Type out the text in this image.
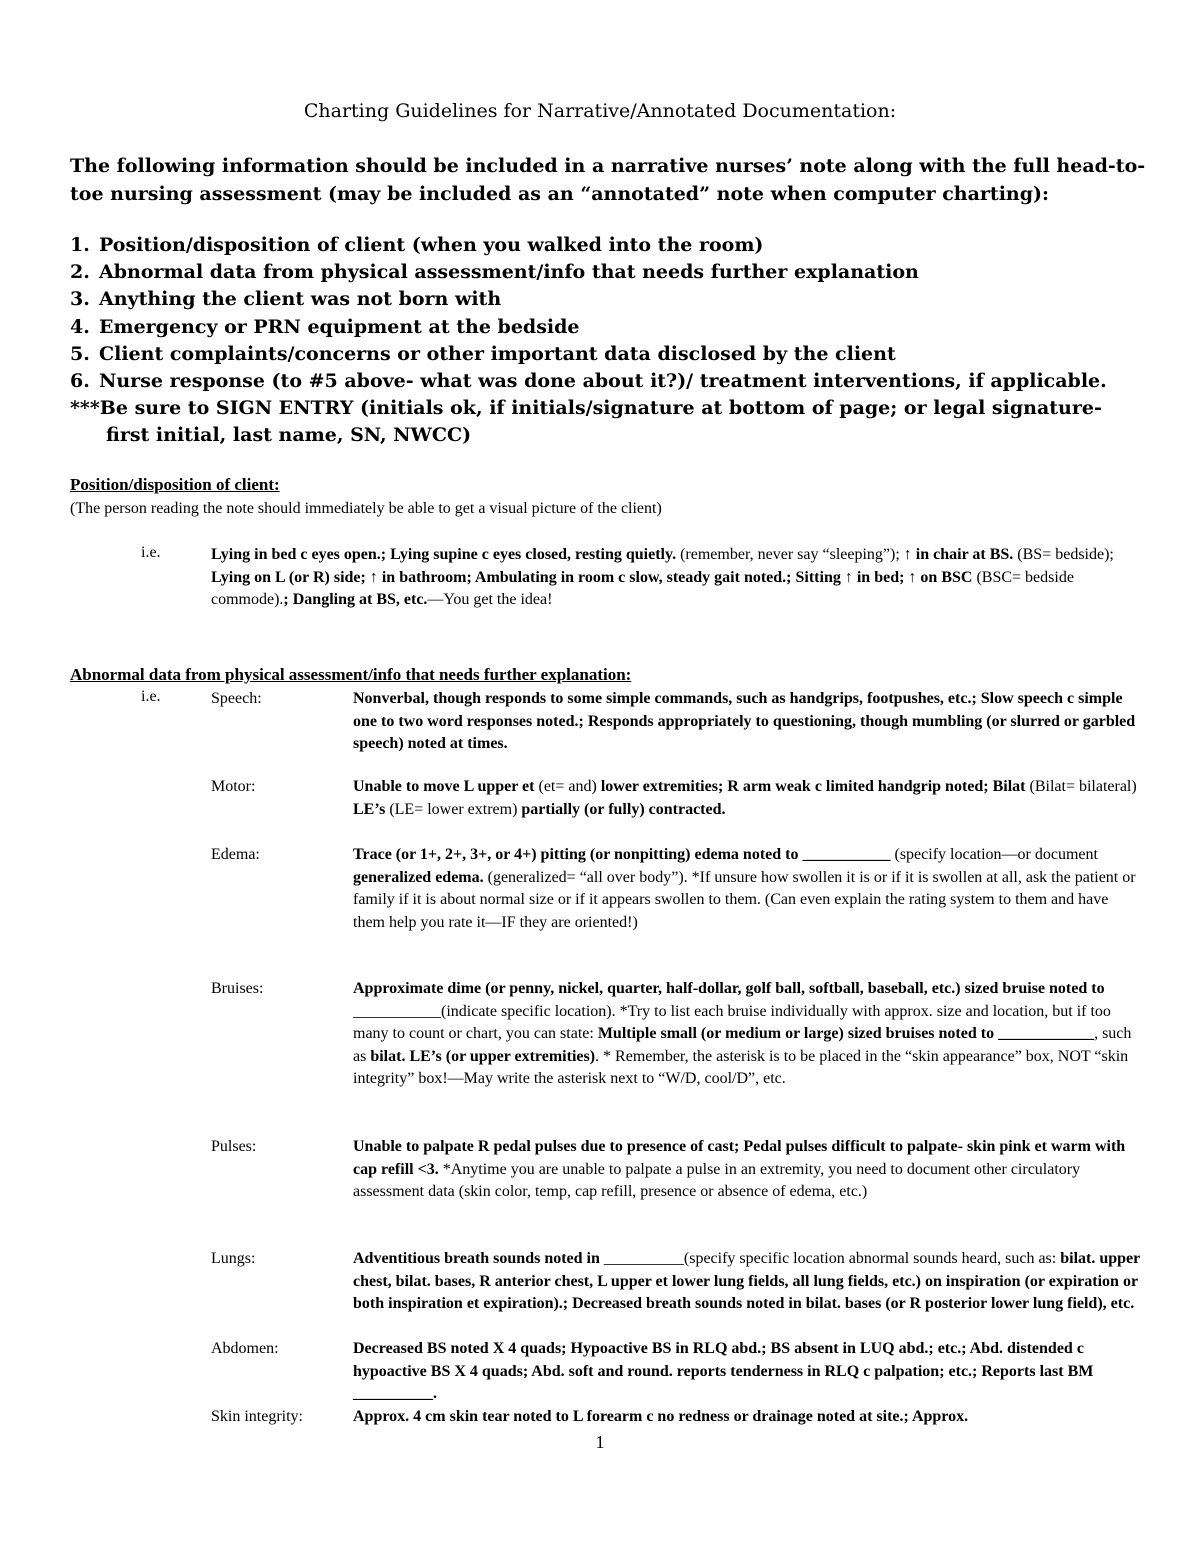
Charting Guidelines for Narrative/Annotated Documentation:
The following information should be included in a narrative nurses’ note along with the full head-to-toe nursing assessment (may be included as an “annotated” note when computer charting):
1. Position/disposition of client (when you walked into the room)
2. Abnormal data from physical assessment/info that needs further explanation
3. Anything the client was not born with
4. Emergency or PRN equipment at the bedside
5. Client complaints/concerns or other important data disclosed by the client
6. Nurse response (to #5 above- what was done about it?)/ treatment interventions, if applicable.
***Be sure to SIGN ENTRY (initials ok, if initials/signature at bottom of page; or legal signature- first initial, last name, SN, NWCC)
Position/disposition of client:
(The person reading the note should immediately be able to get a visual picture of the client)
i.e.	Lying in bed c eyes open.; Lying supine c eyes closed, resting quietly. (remember, never say “sleeping”); ↑ in chair at BS. (BS= bedside); Lying on L (or R) side; ↑ in bathroom; Ambulating in room c slow, steady gait noted.; Sitting ↑ in bed; ↑ on BSC (BSC= bedside commode).; Dangling at BS, etc.—You get the idea!
Abnormal data from physical assessment/info that needs further explanation:
i.e.	Speech:	Nonverbal, though responds to some simple commands, such as handgrips, footpushes, etc.; Slow speech c simple one to two word responses noted.; Responds appropriately to questioning, though mumbling (or slurred or garbled speech) noted at times.
Motor:	Unable to move L upper et (et= and) lower extremities; R arm weak c limited handgrip noted; Bilat (Bilat= bilateral) LE’s (LE= lower extrem) partially (or fully) contracted.
Edema:	Trace (or 1+, 2+, 3+, or 4+) pitting (or nonpitting) edema noted to ___________ (specify location—or document generalized edema. (generalized= “all over body”). *If unsure how swollen it is or if it is swollen at all, ask the patient or family if it is about normal size or if it appears swollen to them. (Can even explain the rating system to them and have them help you rate it—IF they are oriented!)
Bruises:	Approximate dime (or penny, nickel, quarter, half-dollar, golf ball, softball, baseball, etc.) sized bruise noted to ___________(indicate specific location). *Try to list each bruise individually with approx. size and location, but if too many to count or chart, you can state: Multiple small (or medium or large) sized bruises noted to ____________, such as bilat. LE’s (or upper extremities). * Remember, the asterisk is to be placed in the “skin appearance” box, NOT “skin integrity” box!—May write the asterisk next to “W/D, cool/D”, etc.
Pulses:	Unable to palpate R pedal pulses due to presence of cast; Pedal pulses difficult to palpate- skin pink et warm with cap refill <3. *Anytime you are unable to palpate a pulse in an extremity, you need to document other circulatory assessment data (skin color, temp, cap refill, presence or absence of edema, etc.)
Lungs:	Adventitious breath sounds noted in __________(specify specific location abnormal sounds heard, such as: bilat. upper chest, bilat. bases, R anterior chest, L upper et lower lung fields, all lung fields, etc.) on inspiration (or expiration or both inspiration et expiration).; Decreased breath sounds noted in bilat. bases (or R posterior lower lung field), etc.
Abdomen:	Decreased BS noted X 4 quads; Hypoactive BS in RLQ abd.; BS absent in LUQ abd.; etc.; Abd. distended c hypoactive BS X 4 quads; Abd. soft and round. reports tenderness in RLQ c palpation; etc.; Reports last BM __________.
Skin integrity:	Approx. 4 cm skin tear noted to L forearm c no redness or drainage noted at site.; Approx.
1
